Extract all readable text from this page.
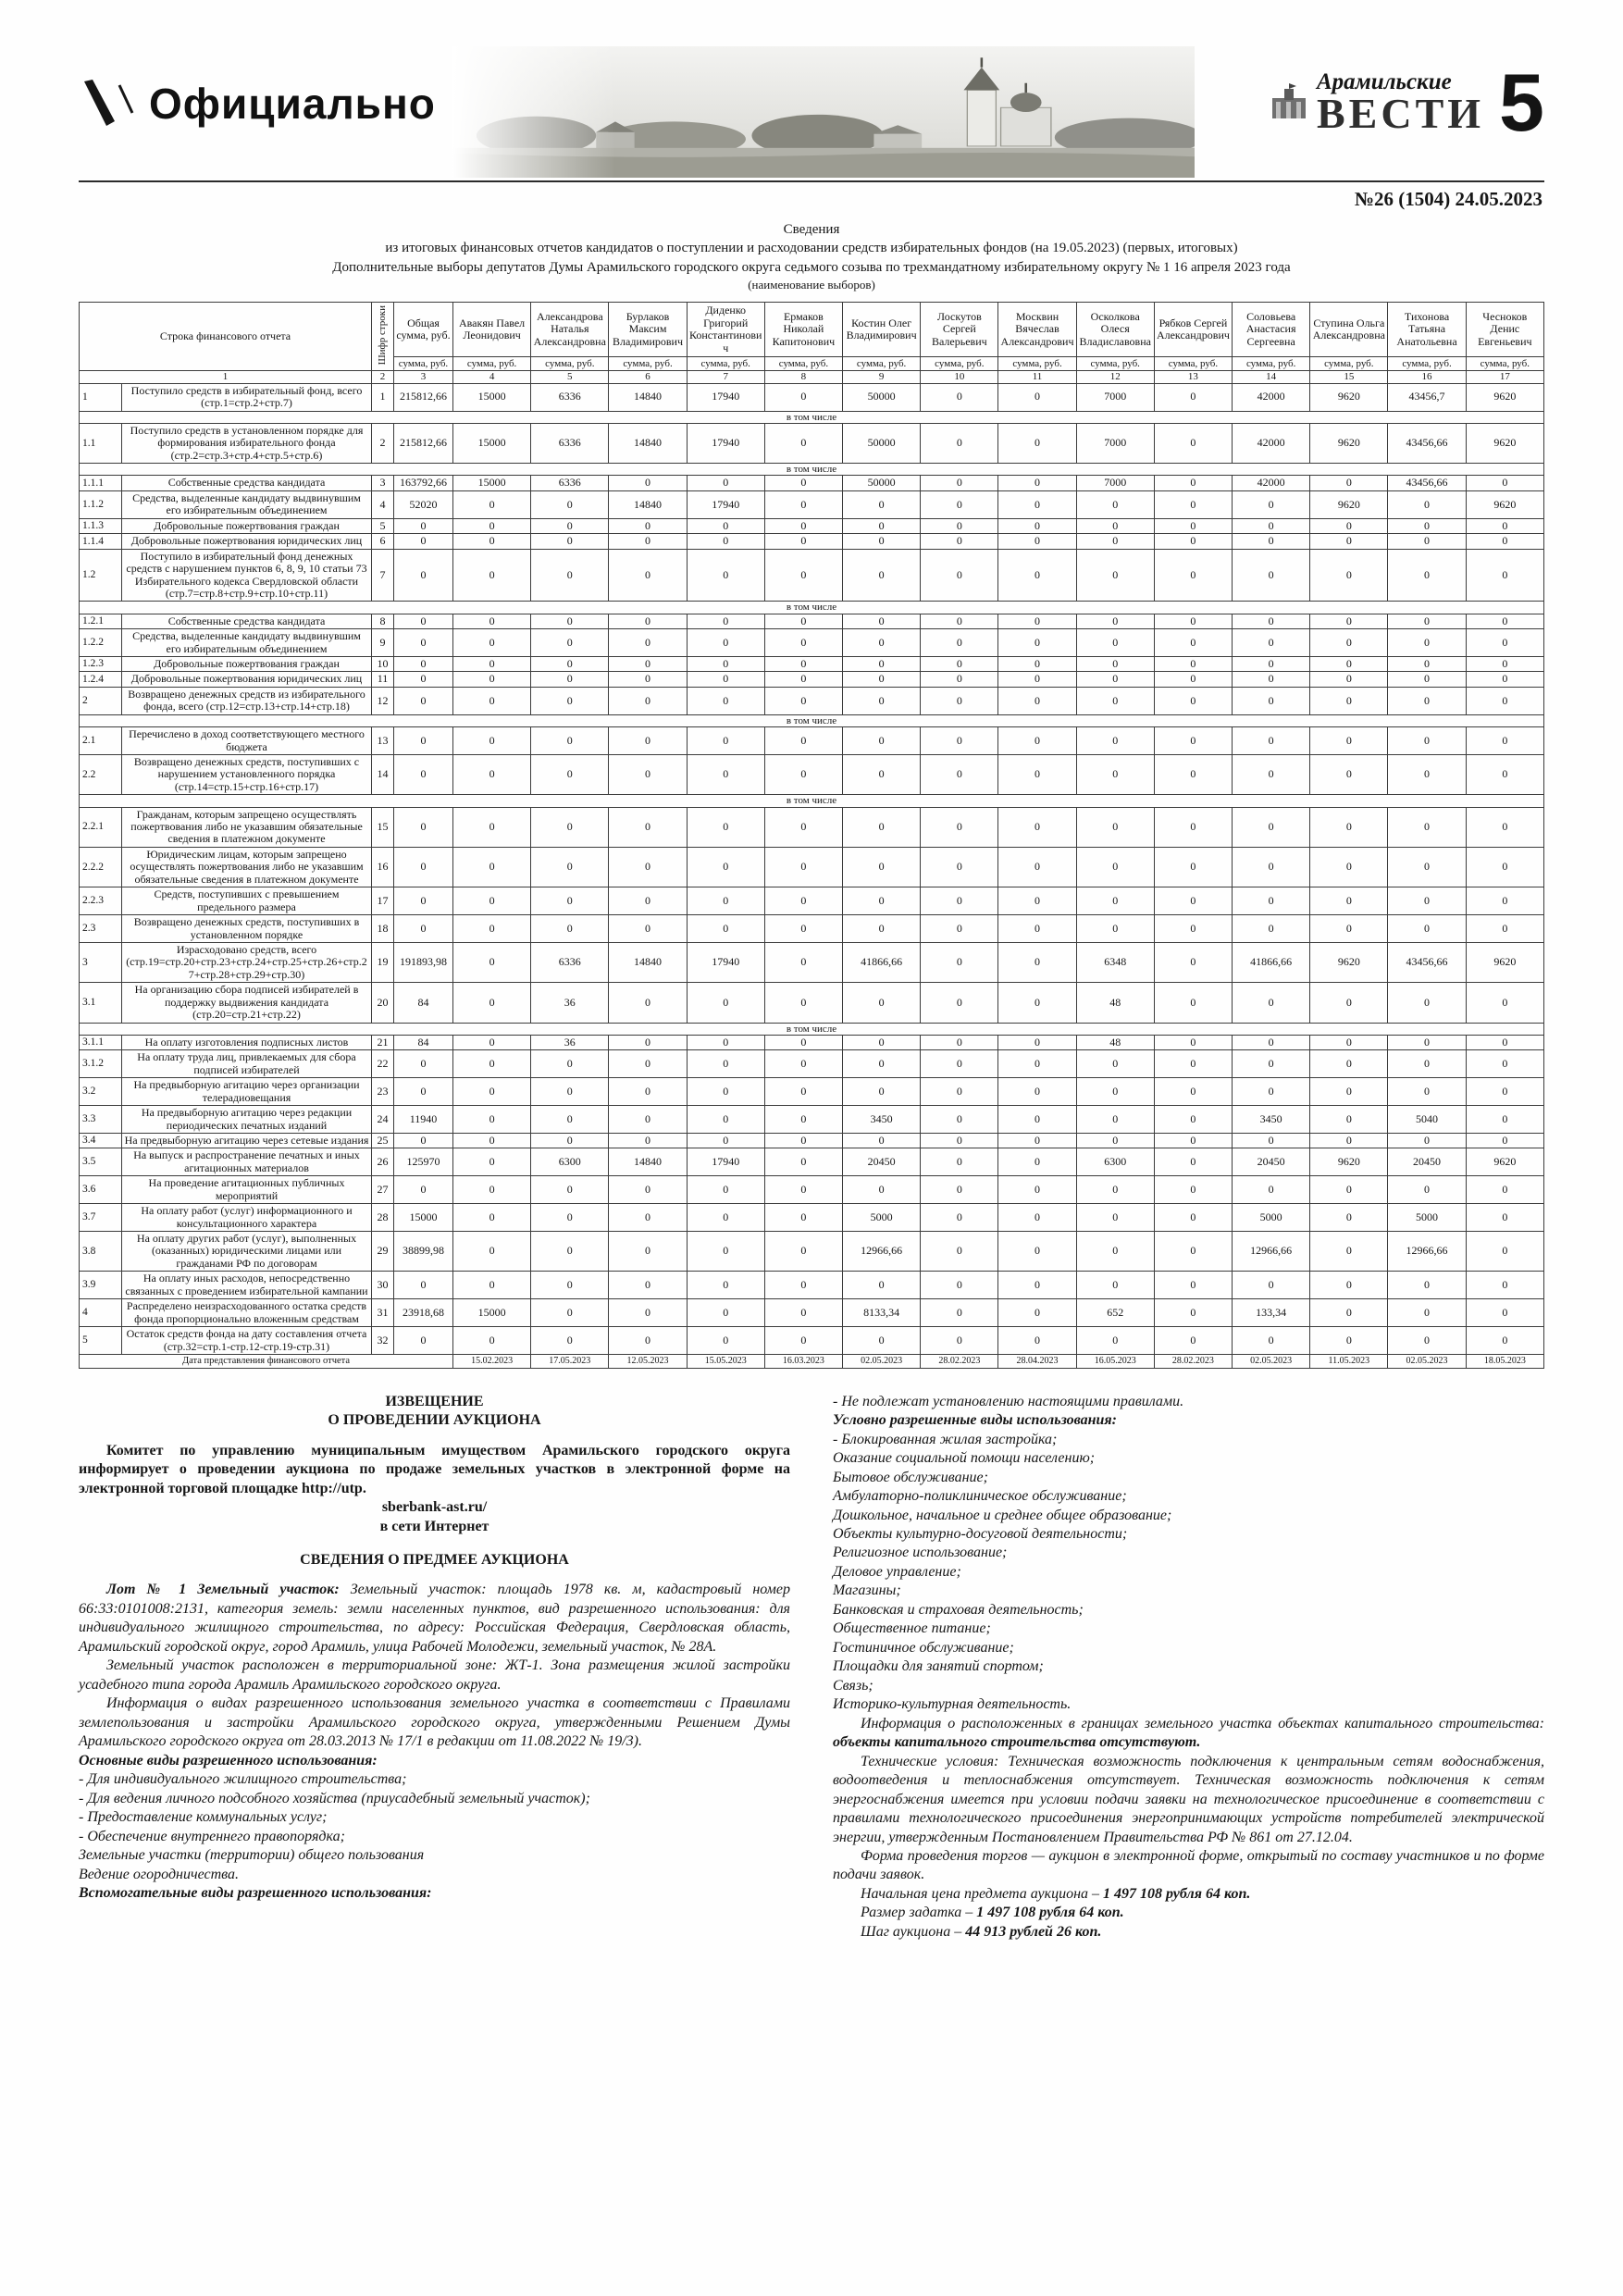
Официально	Арамильские
ВЕСТИ 5
№26 (1504) 24.05.2023
Сведения
из итоговых финансовых отчетов кандидатов о поступлении и расходовании средств избирательных фондов (на 19.05.2023) (первых, итоговых)
Дополнительные выборы депутатов Думы Арамильского городского округа седьмого созыва по трехмандатному избирательному округу № 1 16 апреля 2023 года
(наименование выборов)
Строка финансового отчета		Шифр строки	Общая сумма, руб.	Авакян Павел Леонидович	Александрова Наталья Александровна	Бурлаков Максим Владимирович	Диденко Григорий Константинович	Ермаков Николай Капитонович	Костин Олег Владимирович	Лоскутов Сергей Валерьевич	Москвин Вячеслав Александрович	Осколкова Олеся Владиславовна	Рябков Сергей Александрович	Соловьева Анастасия Сергеевна	Ступина Ольга Александровна	Тихонова Татьяна Анатольевна	Чесноков Денис Евгеньевич
			сумма, руб.	сумма, руб.	сумма, руб.	сумма, руб.	сумма, руб.	сумма, руб.	сумма, руб.	сумма, руб.	сумма, руб.	сумма, руб.	сумма, руб.	сумма, руб.	сумма, руб.	сумма, руб.	сумма, руб.
1		2	3	4	5	6	7	8	9	10	11	12	13	14	15	16	17
1	Поступило средств в избирательный фонд, всего (стр.1=стр.2+стр.7)	1	215812,66	15000	6336	14840	17940	0	50000	0	0	7000	0	42000	9620	43456,7	9620
в том числе																	
1.1	Поступило средств в установленном порядке для формирования избирательного фонда (стр.2=стр.3+стр.4+стр.5+стр.6)	2	215812,66	15000	6336	14840	17940	0	50000	0	0	7000	0	42000	9620	43456,66	9620
в том числе																	
1.1.1	Собственные средства кандидата	3	163792,66	15000	6336	0	0	0	50000	0	0	7000	0	42000	0	43456,66	0
1.1.2	Средства, выделенные кандидату выдвинувшим его избирательным объединением	4	52020	0	0	14840	17940	0	0	0	0	0	0	0	9620	0	9620
1.1.3	Добровольные пожертвования граждан	5	0	0	0	0	0	0	0	0	0	0	0	0	0	0	0
1.1.4	Добровольные пожертвования юридических лиц	6	0	0	0	0	0	0	0	0	0	0	0	0	0	0	0
1.2	Поступило в избирательный фонд денежных средств с нарушением пунктов 6, 8, 9, 10 статьи 73 Избирательного кодекса Свердловской области (стр.7=стр.8+стр.9+стр.10+стр.11)	7	0	0	0	0	0	0	0	0	0	0	0	0	0	0	0
в том числе																	
1.2.1	Собственные средства кандидата	8	0	0	0	0	0	0	0	0	0	0	0	0	0	0	0
1.2.2	Средства, выделенные кандидату выдвинувшим его избирательным объединением	9	0	0	0	0	0	0	0	0	0	0	0	0	0	0	0
1.2.3	Добровольные пожертвования граждан	10	0	0	0	0	0	0	0	0	0	0	0	0	0	0	0
1.2.4	Добровольные пожертвования юридических лиц	11	0	0	0	0	0	0	0	0	0	0	0	0	0	0	0
2	Возвращено денежных средств из избирательного фонда, всего (стр.12=стр.13+стр.14+стр.18)	12	0	0	0	0	0	0	0	0	0	0	0	0	0	0	0
в том числе																	
2.1	Перечислено в доход соответствующего местного бюджета	13	0	0	0	0	0	0	0	0	0	0	0	0	0	0	0
2.2	Возвращено денежных средств, поступивших с нарушением установленного порядка (стр.14=стр.15+стр.16+стр.17)	14	0	0	0	0	0	0	0	0	0	0	0	0	0	0	0
в том числе																	
2.2.1	Гражданам, которым запрещено осуществлять пожертвования либо не указавшим обязательные сведения в платежном документе	15	0	0	0	0	0	0	0	0	0	0	0	0	0	0	0
2.2.2	Юридическим лицам, которым запрещено осуществлять пожертвования либо не указавшим обязательные сведения в платежном документе	16	0	0	0	0	0	0	0	0	0	0	0	0	0	0	0
2.2.3	Средств, поступивших с превышением предельного размера	17	0	0	0	0	0	0	0	0	0	0	0	0	0	0	0
2.3	Возвращено денежных средств, поступивших в установленном порядке	18	0	0	0	0	0	0	0	0	0	0	0	0	0	0	0
3	Израсходовано средств, всего (стр.19=стр.20+стр.23+стр.24+стр.25+стр.26+стр.27+стр.28+стр.29+стр.30)	19	191893,98	0	6336	14840	17940	0	41866,66	0	0	6348	0	41866,66	9620	43456,66	9620
3.1	На организацию сбора подписей избирателей в поддержку выдвижения кандидата (стр.20=стр.21+стр.22)	20	84	0	36	0	0	0	0	0	0	48	0	0	0	0	0
в том числе																	
3.1.1	На оплату изготовления подписных листов	21	84	0	36	0	0	0	0	0	0	48	0	0	0	0	0
3.1.2	На оплату труда лиц, привлекаемых для сбора подписей избирателей	22	0	0	0	0	0	0	0	0	0	0	0	0	0	0	0
3.2	На предвыборную агитацию через организации телерадиовещания	23	0	0	0	0	0	0	0	0	0	0	0	0	0	0	0
3.3	На предвыборную агитацию через редакции периодических печатных изданий	24	11940	0	0	0	0	0	3450	0	0	0	0	3450	0	5040	0
3.4	На предвыборную агитацию через сетевые издания	25	0	0	0	0	0	0	0	0	0	0	0	0	0	0	0
3.5	На выпуск и распространение печатных и иных агитационных материалов	26	125970	0	6300	14840	17940	0	20450	0	0	6300	0	20450	9620	20450	9620
3.6	На проведение агитационных публичных мероприятий	27	0	0	0	0	0	0	0	0	0	0	0	0	0	0	0
3.7	На оплату работ (услуг) информационного и консультационного характера	28	15000	0	0	0	0	0	5000	0	0	0	0	5000	0	5000	0
3.8	На оплату других работ (услуг), выполненных (оказанных) юридическими лицами или гражданами РФ по договорам	29	38899,98	0	0	0	0	0	12966,66	0	0	0	0	12966,66	0	12966,66	0
3.9	На оплату иных расходов, непосредственно связанных с проведением избирательной кампании	30	0	0	0	0	0	0	0	0	0	0	0	0	0	0	0
4	Распределено неизрасходованного остатка средств фонда пропорционально вложенным средствам	31	23918,68	15000	0	0	0	0	8133,34	0	0	652	0	133,34	0	0	0
5	Остаток средств фонда на дату составления отчета (стр.32=стр.1-стр.12-стр.19-стр.31)	32	0	0	0	0	0	0	0	0	0	0	0	0	0	0	0
Дата представления финансового отчета				15.02.2023	17.05.2023	12.05.2023	15.05.2023	16.03.2023	02.05.2023	28.02.2023	28.04.2023	16.05.2023	28.02.2023	02.05.2023	11.05.2023	02.05.2023	18.05.2023

ИЗВЕЩЕНИЕ

О ПРОВЕДЕНИИ АУКЦИОНА

Комитет по управлению муниципальным имуществом Арамильского городского округа информирует о проведении аукциона по продаже земельных участков в электронной форме на электронной торговой площадке http://utp.

sberbank-ast.ru/

в сети Интернет

СВЕДЕНИЯ О ПРЕДМЕЕ АУКЦИОНА

Лот № 1 Земельный участок: Земельный участок: площадь 1978 кв. м, кадастровый номер 66:33:0101008:2131, категория земель: земли населенных пунктов, вид разрешенного использования: для индивидуального жилищного строительства, по адресу: Российская Федерация, Свердловская область, Арамильский городской округ, город Арамиль, улица Рабочей Молодежи, земельный участок, № 28А.

Земельный участок расположен в территориальной зоне: ЖТ-1. Зона размещения жилой застройки усадебного типа города Арамиль Арамильского городского округа.

Информация о видах разрешенного использования земельного участка в соответствии с Правилами землепользования и застройки Арамильского городского округа, утвержденными Решением Думы Арамильского городского округа от 28.03.2013 № 17/1 в редакции от 11.08.2022 № 19/3).

Основные виды разрешенного использования:

- Для индивидуального жилищного строительства;

- Для ведения личного подсобного хозяйства (приусадебный земельный участок);

- Предоставление коммунальных услуг;

- Обеспечение внутреннего правопорядка;

Земельные участки (территории) общего пользования

Ведение огородничества.

Вспомогательные виды разрешенного использования:

- Не подлежат установлению настоящими правилами.

Условно разрешенные виды использования:

- Блокированная жилая застройка;

Оказание социальной помощи населению;

Бытовое обслуживание;

Амбулаторно-поликлиническое обслуживание;

Дошкольное, начальное и среднее общее образование;

Объекты культурно-досуговой деятельности;

Религиозное использование;

Деловое управление;

Магазины;

Банковская и страховая деятельность;

Общественное питание;

Гостиничное обслуживание;

Площадки для занятий спортом;

Связь;

Историко-культурная деятельность.

Информация о расположенных в границах земельного участка объектах капитального строительства: объекты капитального строительства отсутствуют.

Технические условия: Техническая возможность подключения к центральным сетям водоснабжения, водоотведения и теплоснабжения отсутствует. Техническая возможность подключения к сетям энергоснабжения имеется при условии подачи заявки на технологическое присоединение в соответствии с правилами технологического присоединения энергопринимающих устройств потребителей электрической энергии, утвержденным Постановлением Правительства РФ № 861 от 27.12.04.

Форма проведения торгов — аукцион в электронной форме, открытый по составу участников и по форме подачи заявок.

Начальная цена предмета аукциона – 1 497 108 рубля 64 коп.

Размер задатка – 1 497 108 рубля 64 коп.

Шаг аукциона – 44 913 рублей 26 коп.
